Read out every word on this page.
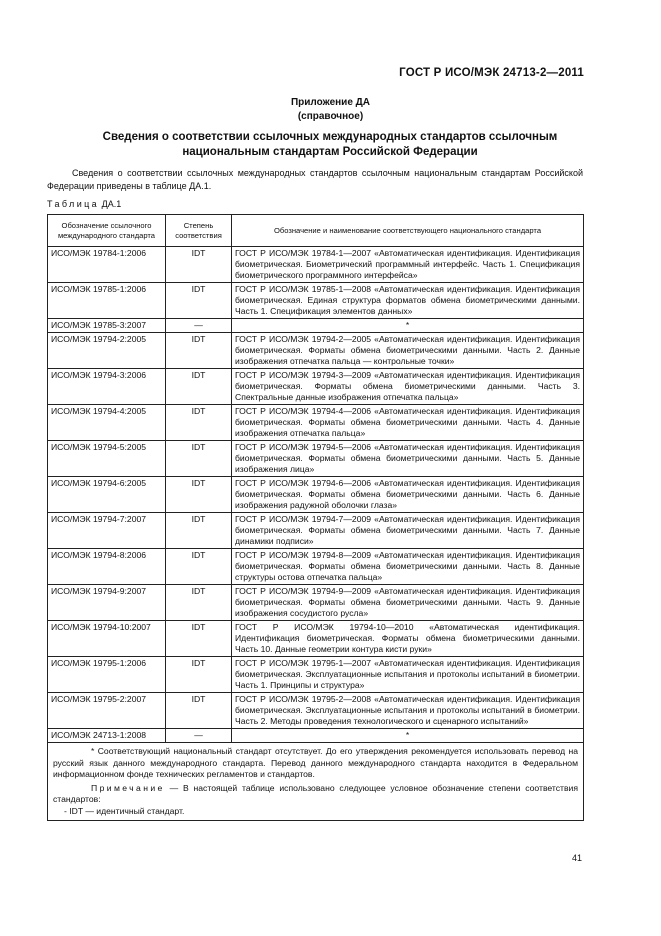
ГОСТ Р ИСО/МЭК 24713-2—2011
Приложение ДА
(справочное)
Сведения о соответствии ссылочных международных стандартов ссылочным национальным стандартам Российской Федерации
Сведения о соответствии ссылочных международных стандартов ссылочным национальным стандартам Российской Федерации приведены в таблице ДА.1.
Таблица ДА.1
Обозначение ссылочного международного стандарта	Степень соответствия	Обозначение и наименование соответствующего национального стандарта
ИСО/МЭК 19784-1:2006	IDT	ГОСТ Р ИСО/МЭК 19784-1—2007 «Автоматическая идентификация. Идентификация биометрическая. Биометрический программный интерфейс. Часть 1. Спецификация биометрического программного интерфейса»
ИСО/МЭК 19785-1:2006	IDT	ГОСТ Р ИСО/МЭК 19785-1—2008 «Автоматическая идентификация. Идентификация биометрическая. Единая структура форматов обмена биометрическими данными. Часть 1. Спецификация элементов данных»
ИСО/МЭК 19785-3:2007	—	*
ИСО/МЭК 19794-2:2005	IDT	ГОСТ Р ИСО/МЭК 19794-2—2005 «Автоматическая идентификация. Идентификация биометрическая. Форматы обмена биометрическими данными. Часть 2. Данные изображения отпечатка пальца — контрольные точки»
ИСО/МЭК 19794-3:2006	IDT	ГОСТ Р ИСО/МЭК 19794-3—2009 «Автоматическая идентификация. Идентификация биометрическая. Форматы обмена биометрическими данными. Часть 3. Спектральные данные изображения отпечатка пальца»
ИСО/МЭК 19794-4:2005	IDT	ГОСТ Р ИСО/МЭК 19794-4—2006 «Автоматическая идентификация. Идентификация биометрическая. Форматы обмена биометрическими данными. Часть 4. Данные изображения отпечатка пальца»
ИСО/МЭК 19794-5:2005	IDT	ГОСТ Р ИСО/МЭК 19794-5—2006 «Автоматическая идентификация. Идентификация биометрическая. Форматы обмена биометрическими данными. Часть 5. Данные изображения лица»
ИСО/МЭК 19794-6:2005	IDT	ГОСТ Р ИСО/МЭК 19794-6—2006 «Автоматическая идентификация. Идентификация биометрическая. Форматы обмена биометрическими данными. Часть 6. Данные изображения радужной оболочки глаза»
ИСО/МЭК 19794-7:2007	IDT	ГОСТ Р ИСО/МЭК 19794-7—2009 «Автоматическая идентификация. Идентификация биометрическая. Форматы обмена биометрическими данными. Часть 7. Данные динамики подписи»
ИСО/МЭК 19794-8:2006	IDT	ГОСТ Р ИСО/МЭК 19794-8—2009 «Автоматическая идентификация. Идентификация биометрическая. Форматы обмена биометрическими данными. Часть 8. Данные структуры остова отпечатка пальца»
ИСО/МЭК 19794-9:2007	IDT	ГОСТ Р ИСО/МЭК 19794-9—2009 «Автоматическая идентификация. Идентификация биометрическая. Форматы обмена биометрическими данными. Часть 9. Данные изображения сосудистого русла»
ИСО/МЭК 19794-10:2007	IDT	ГОСТ Р ИСО/МЭК 19794-10—2010 «Автоматическая идентификация. Идентификация биометрическая. Форматы обмена биометрическими данными. Часть 10. Данные геометрии контура кисти руки»
ИСО/МЭК 19795-1:2006	IDT	ГОСТ Р ИСО/МЭК 19795-1—2007 «Автоматическая идентификация. Идентификация биометрическая. Эксплуатационные испытания и протоколы испытаний в биометрии. Часть 1. Принципы и структура»
ИСО/МЭК 19795-2:2007	IDT	ГОСТ Р ИСО/МЭК 19795-2—2008 «Автоматическая идентификация. Идентификация биометрическая. Эксплуатационные испытания и протоколы испытаний в биометрии. Часть 2. Методы проведения технологического и сценарного испытаний»
ИСО/МЭК 24713-1:2008	—	*

* Соответствующий национальный стандарт отсутствует. До его утверждения рекомендуется использовать перевод на русский язык данного международного стандарта. Перевод данного международного стандарта находится в Федеральном информационном фонде технических регламентов и стандартов.
Примечание — В настоящей таблице использовано следующее условное обозначение степени соответствия стандартов:
- IDT — идентичный стандарт.		
41
